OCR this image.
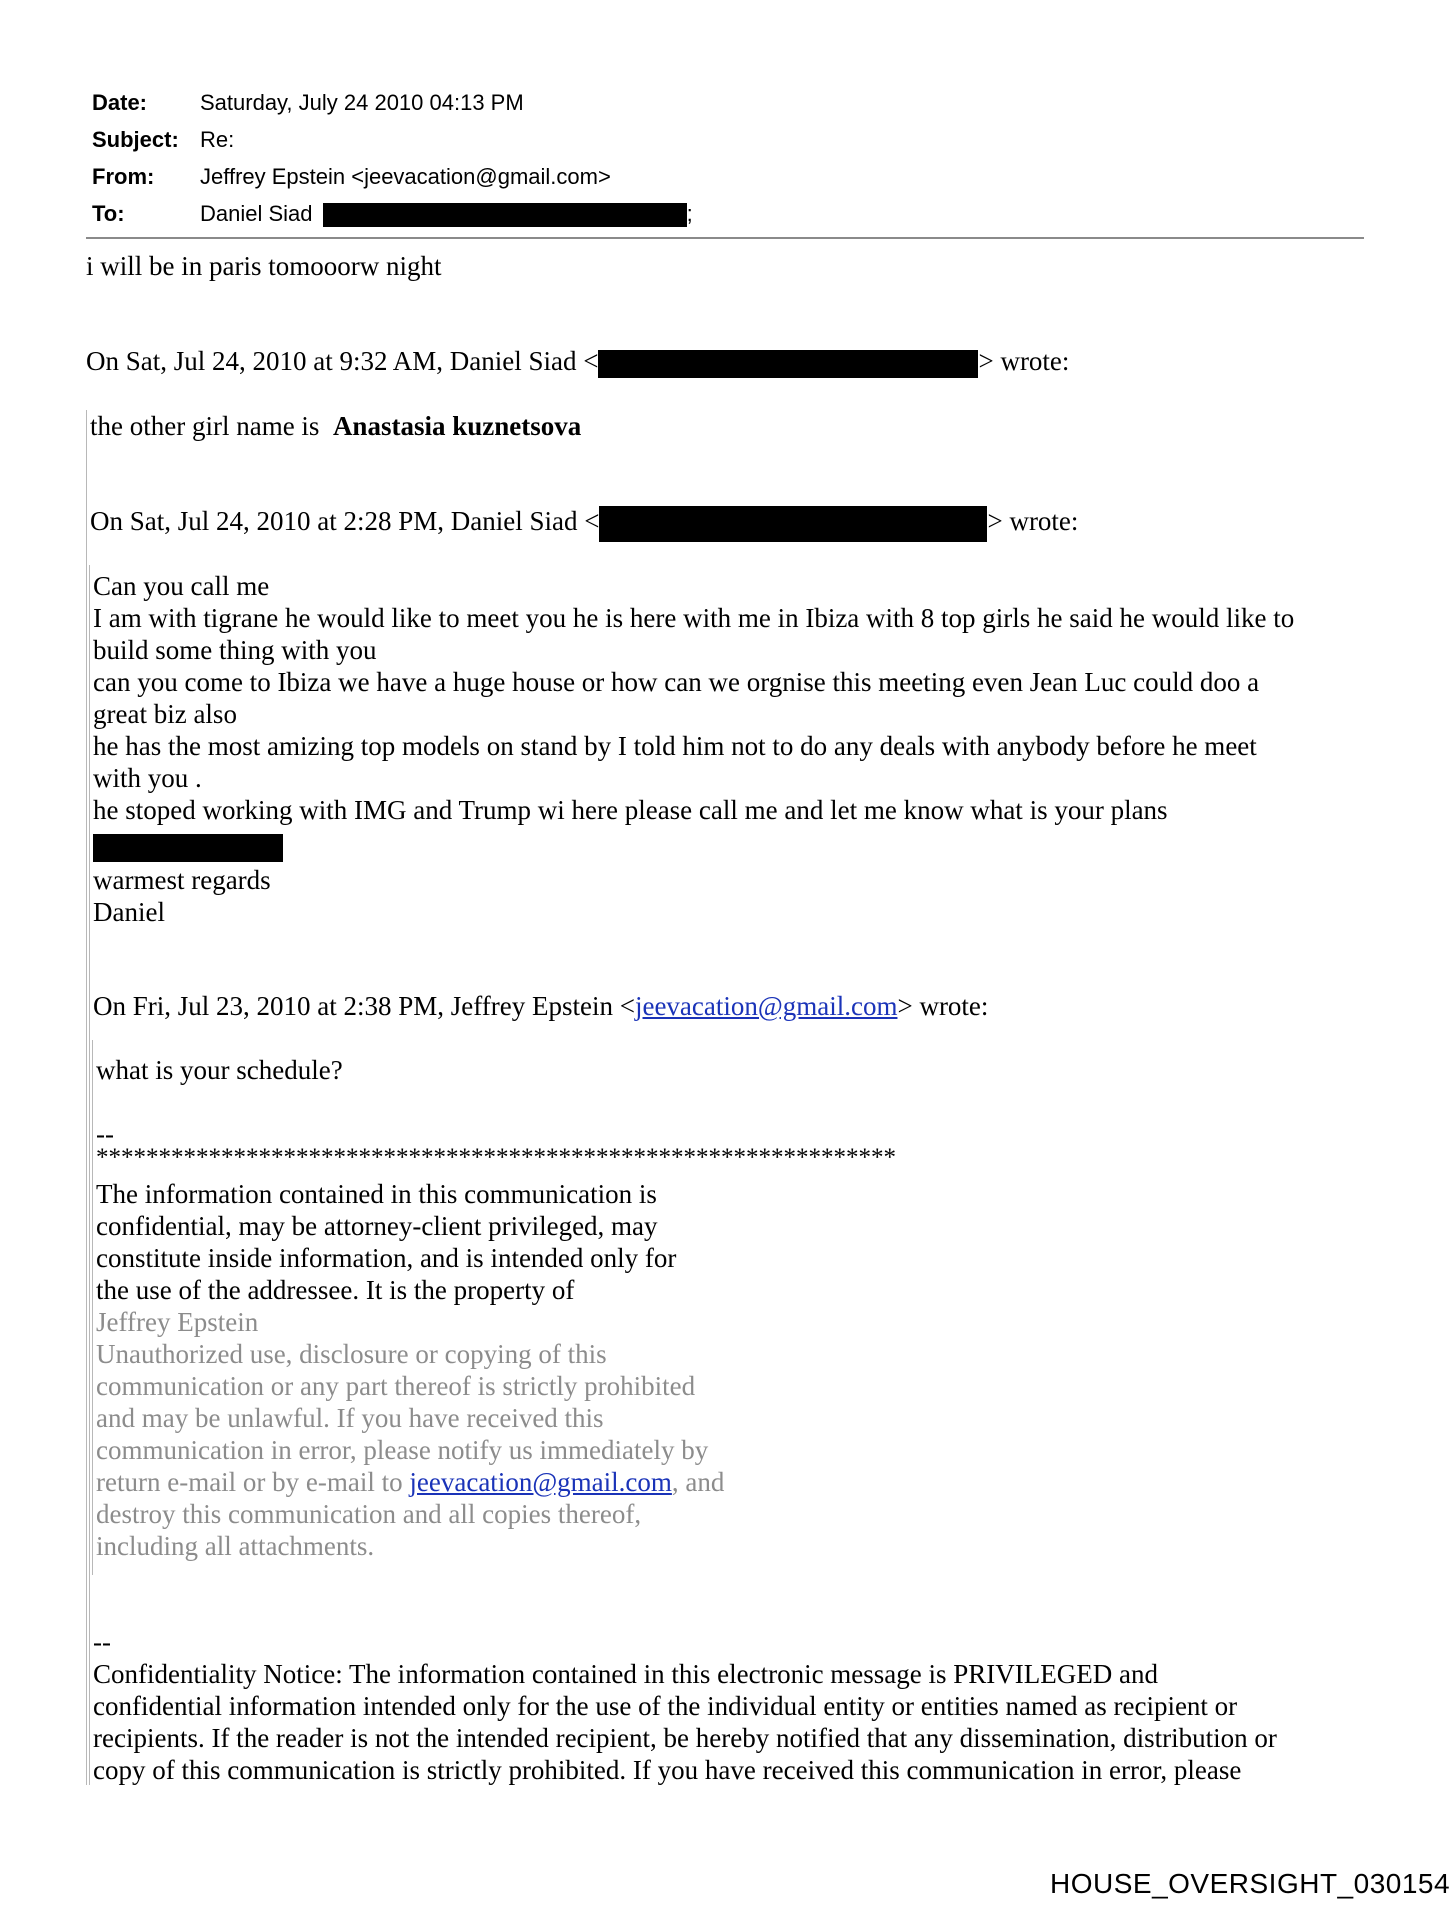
Date: Saturday, July 24 2010 04:13 PM
Subject: Re:
From: Jeffrey Epstein <jeevacation@gmail.com>
To:	Daniel Siad	;
i will be in paris tomooorw night
On Sat, Jul 24, 2010 at 9:32 AM, Daniel Siad <	> wrote:
the other girl name is Anastasia kuznetsova
On Sat, Jul 24, 2010 at 2:28 PM, Daniel Siad <	> wrote:
Can you call me
I am with tigrane he would like to meet you he is here with me in Ibiza with 8 top girls he said he would like to
build some thing with you
can you come to Ibiza we have a huge house or how can we orgnise this meeting even Jean Luc could doo a
great biz also
he has the most amizing top models on stand by I told him not to do any deals with anybody before he meet
with you .
he stoped working with IMG and Trump wi here please call me and let me know what is your plans
warmest regards
Daniel
On Fri, Jul 23, 2010 at 2:38 PM, Jeffrey Epstein <jeevacation@gmail.com> wrote:
what is your schedule?
--
****************************************************************
The information contained in this communication is
confidential, may be attorney-client privileged, may
constitute inside information, and is intended only for
the use of the addressee. It is the property of
Jeffrey Epstein
Unauthorized use, disclosure or copying of this
communication or any part thereof is strictly prohibited
and may be unlawful. If you have received this
communication in error, please notify us immediately by
return e-mail or by e-mail to jeevacation@gmail.com, and
destroy this communication and all copies thereof,
including all attachments.
--
Confidentiality Notice: The information contained in this electronic message is PRIVILEGED and
confidential information intended only for the use of the individual entity or entities named as recipient or
recipients. If the reader is not the intended recipient, be hereby notified that any dissemination, distribution or
copy of this communication is strictly prohibited. If you have received this communication in error, please
HOUSE_OVERSIGHT_030154
